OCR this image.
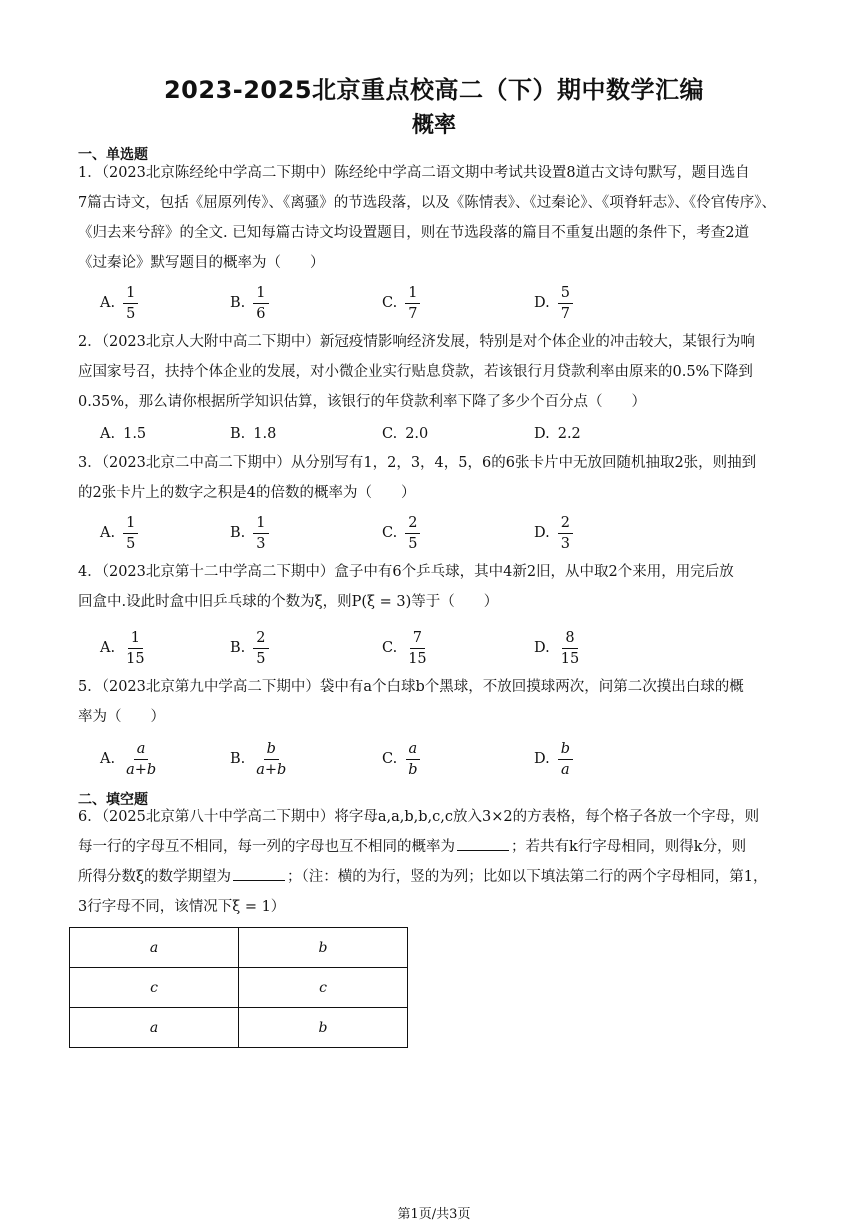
2023-2025北京重点校高二（下）期中数学汇编
概率
一、单选题
1．（2023北京陈经纶中学高二下期中）陈经纶中学高二语文期中考试共设置8道古文诗句默写，题目选自
7篇古诗文，包括《屈原列传》、《离骚》的节选段落，以及《陈情表》、《过秦论》、《项脊轩志》、《伶官传序》、
《归去来兮辞》的全文. 已知每篇古诗文均设置题目，则在节选段落的篇目不重复出题的条件下，考查2道
《过秦论》默写题目的概率为（　　）
A. $\frac{1}{5}$	B. $\frac{1}{6}$	C. $\frac{1}{7}$	D. $\frac{5}{7}$
2．（2023北京人大附中高二下期中）新冠疫情影响经济发展，特别是对个体企业的冲击较大，某银行为响
应国家号召，扶持个体企业的发展，对小微企业实行贴息贷款，若该银行月贷款利率由原来的0.5%下降到
0.35%，那么请你根据所学知识估算，该银行的年贷款利率下降了多少个百分点（　　）
A. 1.5	B. 1.8	C. 2.0	D. 2.2
3．（2023北京二中高二下期中）从分别写有1，2，3，4，5，6的6张卡片中无放回随机抽取2张，则抽到
的2张卡片上的数字之积是4的倍数的概率为（　　）
A. $\frac{1}{5}$	B. $\frac{1}{3}$	C. $\frac{2}{5}$	D. $\frac{2}{3}$
4．（2023北京第十二中学高二下期中）盒子中有6个乒乓球，其中4新2旧，从中取2个来用，用完后放
回盒中.设此时盒中旧乒乓球的个数为ξ，则P(ξ = 3)等于（　　）
A. $\frac{1}{15}$	B. $\frac{2}{5}$	C. $\frac{7}{15}$	D. $\frac{8}{15}$
5．（2023北京第九中学高二下期中）袋中有a个白球b个黑球，不放回摸球两次，问第二次摸出白球的概
率为（　　）
A. $\frac{a}{a+b}$	B. $\frac{b}{a+b}$	C. $\frac{a}{b}$	D. $\frac{b}{a}$
二、填空题
6．（2025北京第八十中学高二下期中）将字母a,a,b,b,c,c放入3×2的方表格，每个格子各放一个字母，则
每一行的字母互不相同，每一列的字母也互不相同的概率为	；若共有k行字母相同，则得k分，则
所得分数ξ的数学期望为	；（注：横的为行，竖的为列；比如以下填法第二行的两个字母相同，第1，
3行字母不同，该情况下ξ = 1）
a	b
c	c
a	b
第1页/共3页
